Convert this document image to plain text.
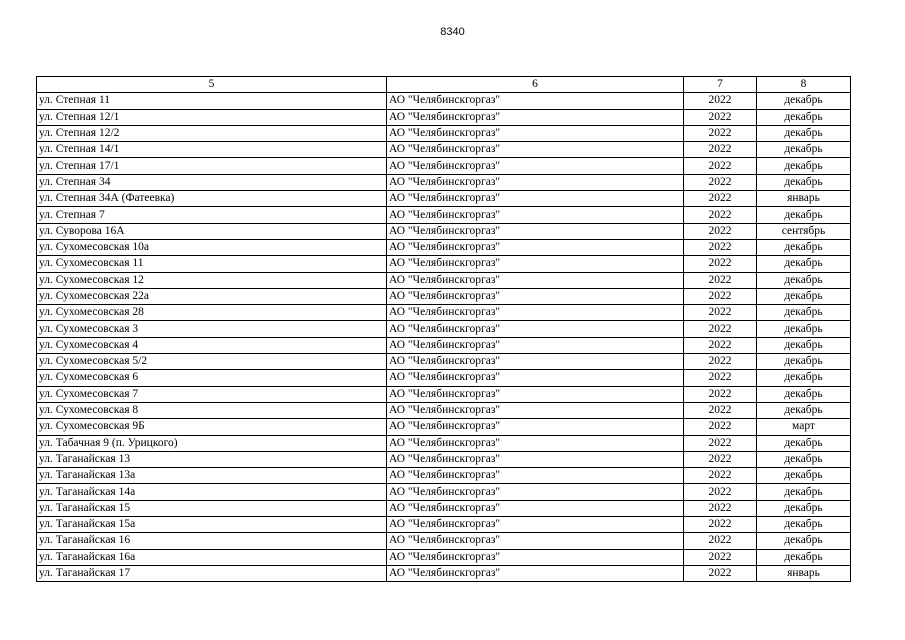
8340
5	6	7	8
ул. Степная 11	АО "Челябинскгоргаз"	2022	декабрь
ул. Степная 12/1	АО "Челябинскгоргаз"	2022	декабрь
ул. Степная 12/2	АО "Челябинскгоргаз"	2022	декабрь
ул. Степная 14/1	АО "Челябинскгоргаз"	2022	декабрь
ул. Степная 17/1	АО "Челябинскгоргаз"	2022	декабрь
ул. Степная 34	АО "Челябинскгоргаз"	2022	декабрь
ул. Степная 34А (Фатеевка)	АО "Челябинскгоргаз"	2022	январь
ул. Степная 7	АО "Челябинскгоргаз"	2022	декабрь
ул. Суворова 16А	АО "Челябинскгоргаз"	2022	сентябрь
ул. Сухомесовская 10а	АО "Челябинскгоргаз"	2022	декабрь
ул. Сухомесовская 11	АО "Челябинскгоргаз"	2022	декабрь
ул. Сухомесовская 12	АО "Челябинскгоргаз"	2022	декабрь
ул. Сухомесовская 22а	АО "Челябинскгоргаз"	2022	декабрь
ул. Сухомесовская 28	АО "Челябинскгоргаз"	2022	декабрь
ул. Сухомесовская 3	АО "Челябинскгоргаз"	2022	декабрь
ул. Сухомесовская 4	АО "Челябинскгоргаз"	2022	декабрь
ул. Сухомесовская 5/2	АО "Челябинскгоргаз"	2022	декабрь
ул. Сухомесовская 6	АО "Челябинскгоргаз"	2022	декабрь
ул. Сухомесовская 7	АО "Челябинскгоргаз"	2022	декабрь
ул. Сухомесовская 8	АО "Челябинскгоргаз"	2022	декабрь
ул. Сухомесовская 9Б	АО "Челябинскгоргаз"	2022	март
ул. Табачная 9 (п. Урицкого)	АО "Челябинскгоргаз"	2022	декабрь
ул. Таганайская 13	АО "Челябинскгоргаз"	2022	декабрь
ул. Таганайская 13а	АО "Челябинскгоргаз"	2022	декабрь
ул. Таганайская 14а	АО "Челябинскгоргаз"	2022	декабрь
ул. Таганайская 15	АО "Челябинскгоргаз"	2022	декабрь
ул. Таганайская 15а	АО "Челябинскгоргаз"	2022	декабрь
ул. Таганайская 16	АО "Челябинскгоргаз"	2022	декабрь
ул. Таганайская 16а	АО "Челябинскгоргаз"	2022	декабрь
ул. Таганайская 17	АО "Челябинскгоргаз"	2022	январь
